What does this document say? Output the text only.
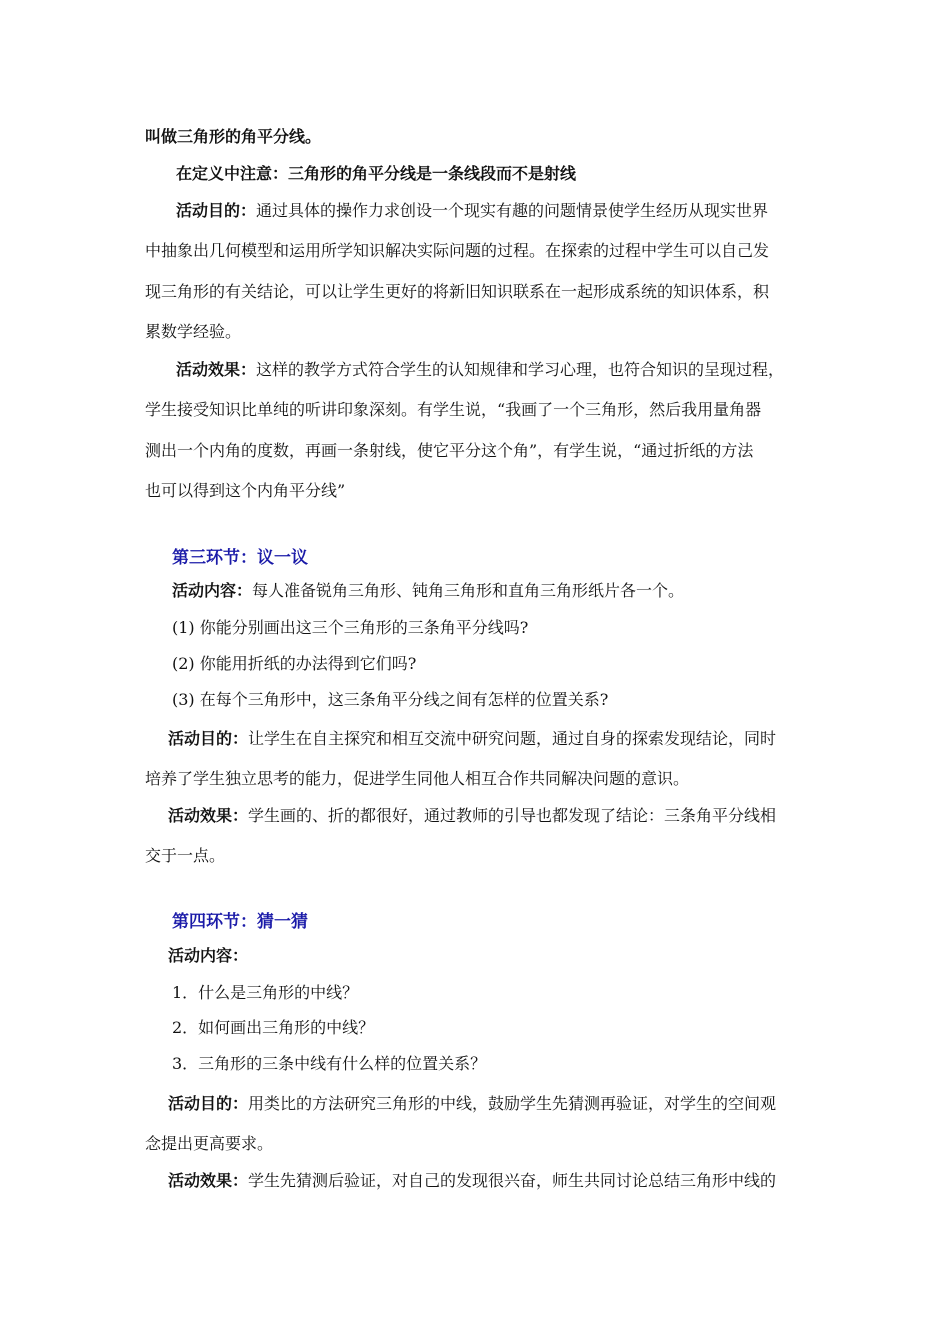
叫做三角形的角平分线。
在定义中注意：三角形的角平分线是一条线段而不是射线
活动目的：通过具体的操作力求创设一个现实有趣的问题情景使学生经历从现实世界
中抽象出几何模型和运用所学知识解决实际问题的过程。在探索的过程中学生可以自己发
现三角形的有关结论，可以让学生更好的将新旧知识联系在一起形成系统的知识体系，积
累数学经验。
活动效果：这样的教学方式符合学生的认知规律和学习心理，也符合知识的呈现过程，
学生接受知识比单纯的听讲印象深刻。有学生说，“我画了一个三角形，然后我用量角器
测出一个内角的度数，再画一条射线，使它平分这个角”，有学生说，“通过折纸的方法
也可以得到这个内角平分线”
第三环节：议一议
活动内容：每人准备锐角三角形、钝角三角形和直角三角形纸片各一个。
(1) 你能分别画出这三个三角形的三条角平分线吗?
(2) 你能用折纸的办法得到它们吗?
(3) 在每个三角形中，这三条角平分线之间有怎样的位置关系?
活动目的：让学生在自主探究和相互交流中研究问题，通过自身的探索发现结论，同时
培养了学生独立思考的能力，促进学生同他人相互合作共同解决问题的意识。
活动效果：学生画的、折的都很好，通过教师的引导也都发现了结论：三条角平分线相
交于一点。
第四环节：猜一猜
活动内容：
1．什么是三角形的中线？
2．如何画出三角形的中线？
3．三角形的三条中线有什么样的位置关系？
活动目的：用类比的方法研究三角形的中线，鼓励学生先猜测再验证，对学生的空间观
念提出更高要求。
活动效果：学生先猜测后验证，对自己的发现很兴奋，师生共同讨论总结三角形中线的
